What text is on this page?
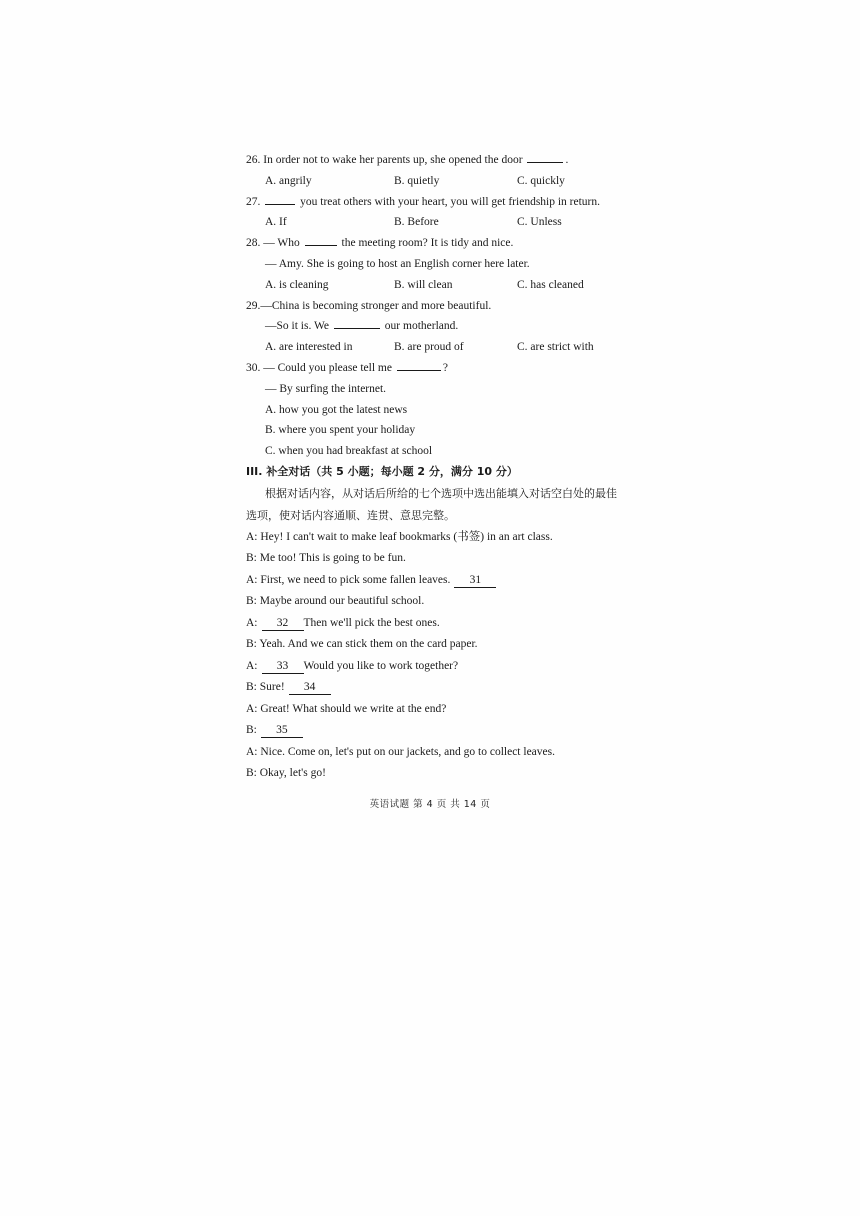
26. In order not to wake her parents up, she opened the door	.
A. angrily	B. quietly	C. quickly
27.	you treat others with your heart, you will get friendship in return.
A. If	B. Before	C. Unless
28. — Who	the meeting room? It is tidy and nice.
— Amy. She is going to host an English corner here later.
A. is cleaning	B. will clean	C. has cleaned
29.—China is becoming stronger and more beautiful.
—So it is. We	our motherland.
A. are interested in	B. are proud of	C. are strict with
30. — Could you please tell me	?
— By surfing the internet.
A. how you got the latest news
B. where you spent your holiday
C. when you had breakfast at school
III. 补全对话（共 5 小题；每小题 2 分，满分 10 分）
根据对话内容，从对话后所给的七个选项中选出能填入对话空白处的最佳
选项，使对话内容通顺、连贯、意思完整。
A: Hey! I can't wait to make leaf bookmarks (书签) in an art class.
B: Me too! This is going to be fun.
A: First, we need to pick some fallen leaves. 31
B: Maybe around our beautiful school.
A: 32 Then we'll pick the best ones.
B: Yeah. And we can stick them on the card paper.
A: 33 Would you like to work together?
B: Sure! 34
A: Great! What should we write at the end?
B: 35
A: Nice. Come on, let's put on our jackets, and go to collect leaves.
B: Okay, let's go!
英语试题 第 4 页 共 14 页
